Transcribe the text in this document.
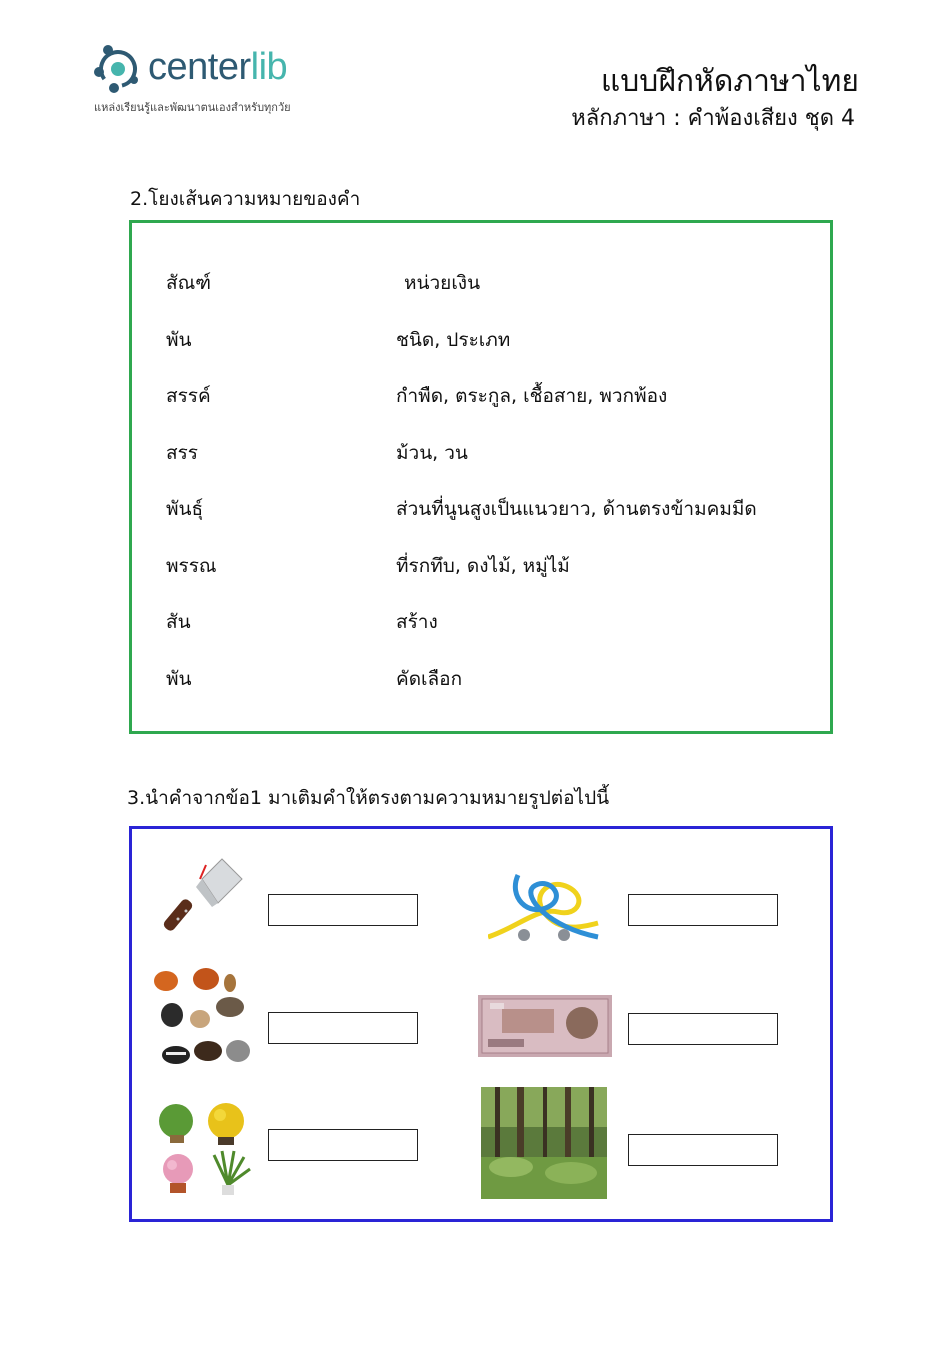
centerlib
แหล่งเรียนรู้และพัฒนาตนเองสำหรับทุกวัย
แบบฝึกหัดภาษาไทย
หลักภาษา : คำพ้องเสียง ชุด 4
2.โยงเส้นความหมายของคำ
สัณฑ์	หน่วยเงิน
พัน	ชนิด, ประเภท
สรรค์	กำพืด, ตระกูล, เชื้อสาย, พวกพ้อง
สรร	ม้วน, วน
พันธุ์	ส่วนที่นูนสูงเป็นแนวยาว, ด้านตรงข้ามคมมีด
พรรณ	ที่รกทึบ, ดงไม้, หมู่ไม้
สัน	สร้าง
พัน	คัดเลือก
3.นำคำจากข้อ1 มาเติมคำให้ตรงตามความหมายรูปต่อไปนี้
